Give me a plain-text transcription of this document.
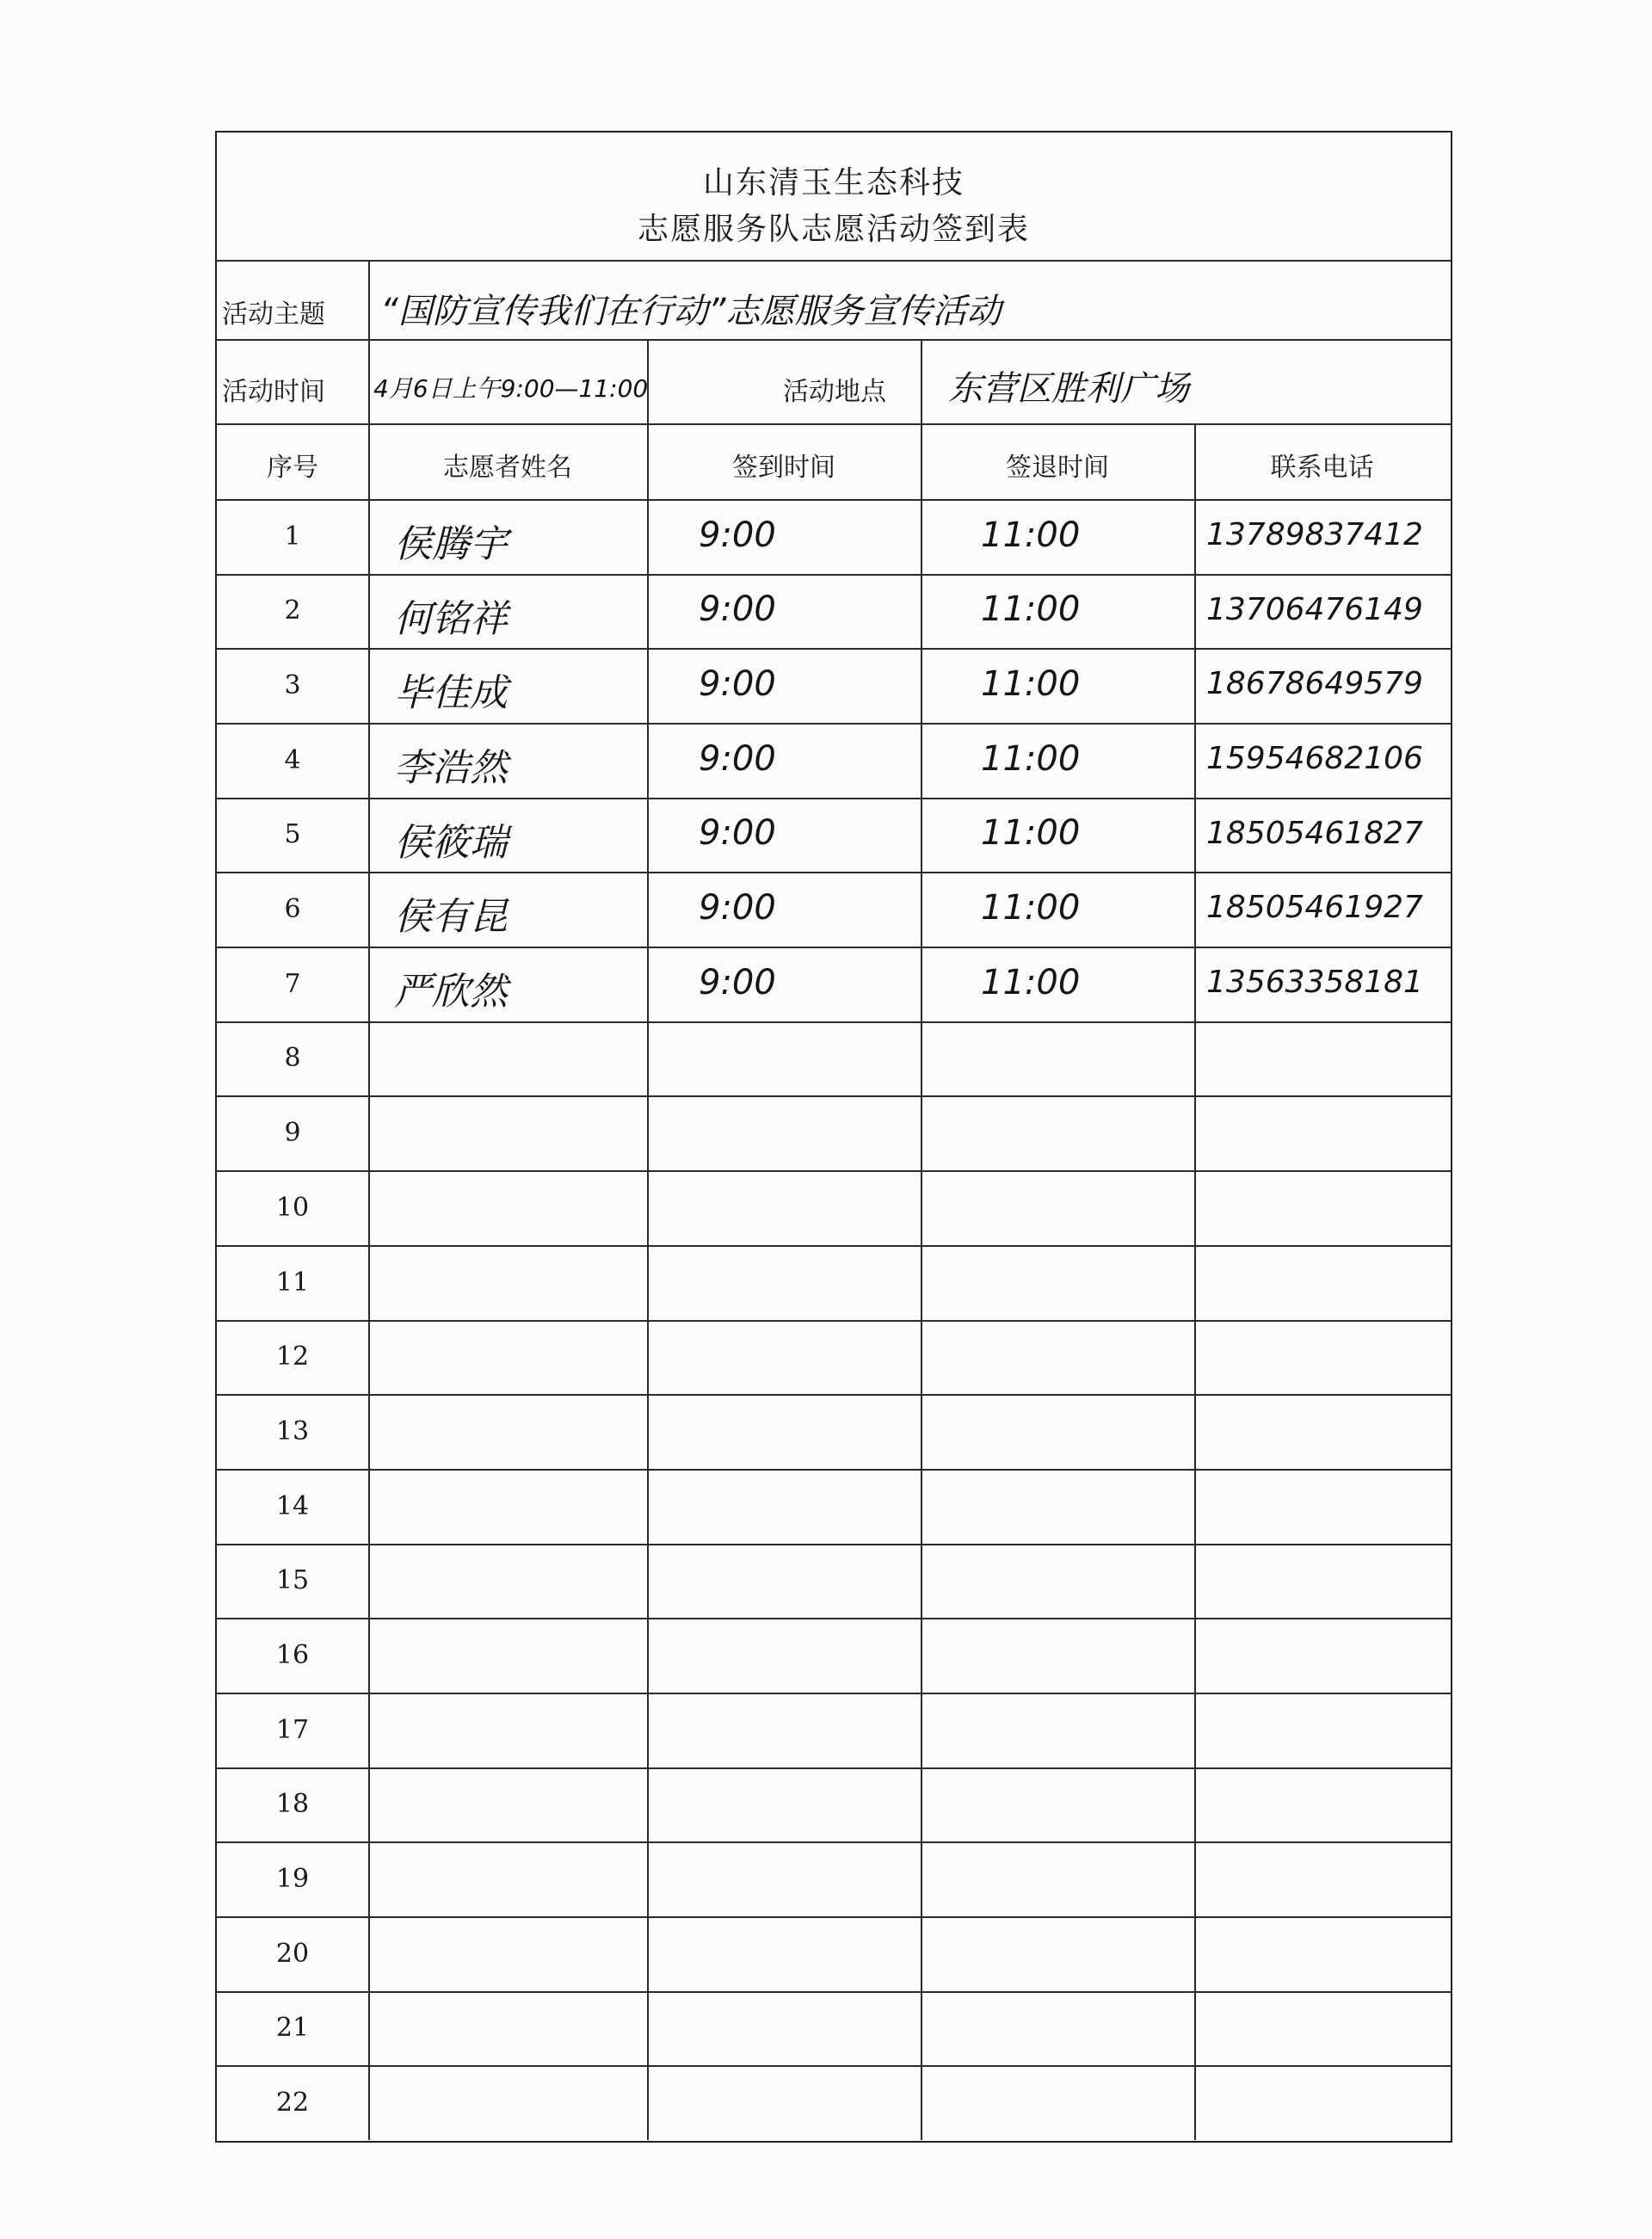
山东清玉生态科技
志愿服务队志愿活动签到表
活动主题 “国防宣传我们在行动”志愿服务宣传活动
活动时间 4月6日上午9:00—11:00	活动地点 东营区胜利广场
序号	志愿者姓名	签到时间	签退时间	联系电话
1	侯腾宇	9:00	11:00	13789837412
2	何铭祥	9:00	11:00	13706476149
3	毕佳成	9:00	11:00	18678649579
4	李浩然	9:00	11:00	15954682106
5	侯筱瑞	9:00	11:00	18505461827
6	侯有昆	9:00	11:00	18505461927
7	严欣然	9:00	11:00	13563358181
8
9
10
11
12
13
14
15
16
17
18
19
20
21
22
